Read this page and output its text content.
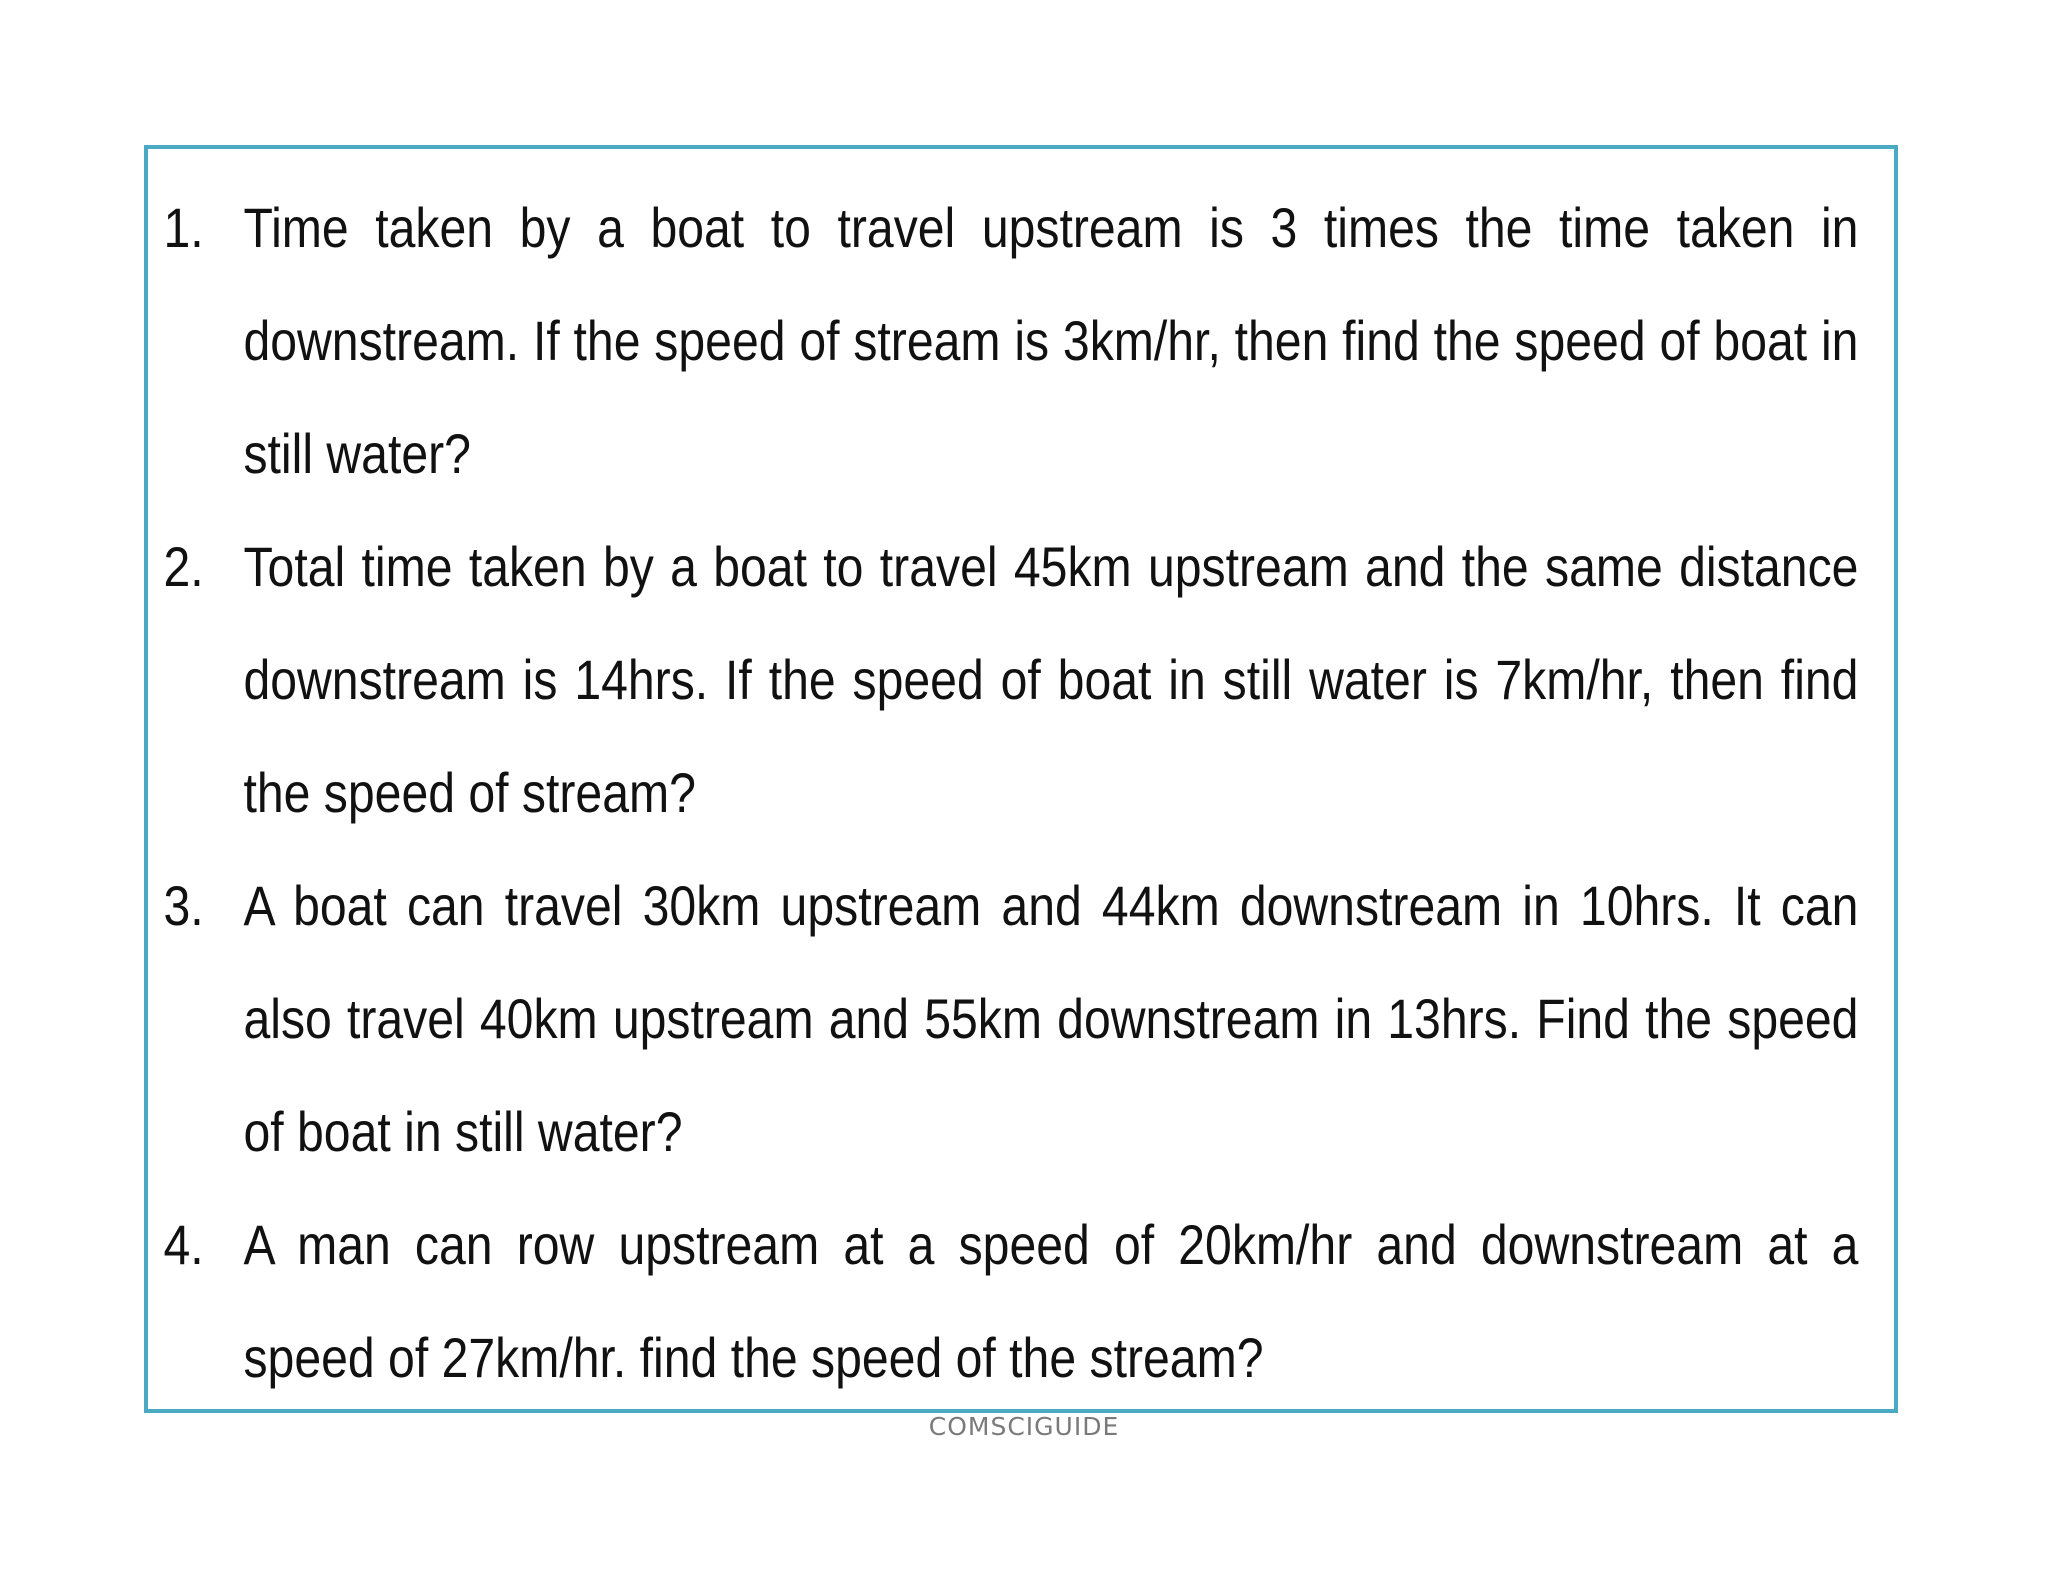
1. Time taken by a boat to travel upstream is 3 times the time taken in downstream. If the speed of stream is 3km/hr, then find the speed of boat in still water?
2. Total time taken by a boat to travel 45km upstream and the same distance downstream is 14hrs. If the speed of boat in still water is 7km/hr, then find the speed of stream?
3. A boat can travel 30km upstream and 44km downstream in 10hrs. It can also travel 40km upstream and 55km downstream in 13hrs. Find the speed of boat in still water?
4. A man can row upstream at a speed of 20km/hr and downstream at a speed of 27km/hr. find the speed of the stream?
COMSCIGUIDE
